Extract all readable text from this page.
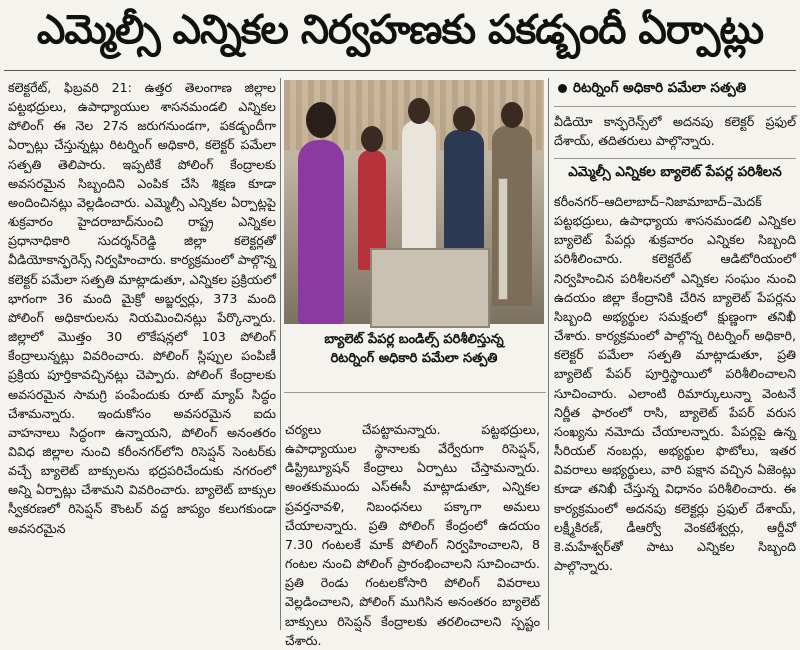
ఎమ్మెల్సీ ఎన్నికల నిర్వహణకు పకడ్బందీ ఏర్పాట్లు

కలెక్టరేట్, ఫిబ్రవరి 21: ఉత్తర తెలంగాణ జిల్లాల పట్టభద్రులు, ఉపాధ్యాయుల శాసనమండలి ఎన్నికల పోలింగ్ ఈ నెల 27న జరుగనుండగా, పకడ్బందీగా ఏర్పాట్లు చేస్తున్నట్లు రిటర్నింగ్ అధికారి, కలెక్టర్ పమేలా సత్పతి తెలిపారు. ఇప్పటికే పోలింగ్ కేంద్రాలకు అవసరమైన సిబ్బందిని ఎంపిక చేసి శిక్షణ కూడా అందించినట్లు వెల్లడించారు. ఎమ్మెల్సీ ఎన్నికల ఏర్పాట్లపై శుక్రవారం హైదరాబాద్‌నుంచి రాష్ట్ర ఎన్నికల ప్రధానాధికారి సుదర్శన్‌రెడ్డి జిల్లా కలెక్టర్లతో వీడియోకాన్ఫరెన్స్ నిర్వహించారు. కార్యక్రమంలో పాల్గొన్న కలెక్టర్ పమేలా సత్పతి మాట్లాడుతూ, ఎన్నికల ప్రక్రియలో భాగంగా 36 మంది మైక్రో అబ్జర్వర్లు, 373 మంది పోలింగ్ అధికారులను నియమించినట్లు పేర్కొన్నారు. జిల్లాలో మొత్తం 30 లొకేషన్లలో 103 పోలింగ్ కేంద్రాలున్నట్లు వివరించారు. పోలింగ్ స్లిప్పుల పంపిణీ ప్రక్రియ పూర్తికావచ్చినట్లు చెప్పారు. పోలింగ్ కేంద్రాలకు అవసరమైన సామగ్రి పంపేందుకు రూట్ మ్యాప్ సిద్ధం చేశామన్నారు. ఇందుకోసం అవసరమైన ఐదు వాహనాలు సిద్ధంగా ఉన్నాయని, పోలింగ్ అనంతరం వివిధ జిల్లాల నుంచి కరీంనగర్‌లోని రిసెప్షన్ సెంటర్‌కు వచ్చే బ్యాలెట్ బాక్సులను భద్రపరిచేందుకు నగరంలో అన్ని ఏర్పాట్లు చేశామని వివరించారు. బ్యాలెట్ బాక్సుల స్వీకరణలో రిసెప్షన్ కౌంటర్ వద్ద జాప్యం కలుగకుండా అవసరమైన

బ్యాలెట్ పేపర్ల బండిల్స్ పరిశీలిస్తున్న
రిటర్నింగ్ అధికారి పమేలా సత్పతి

చర్యలు చేపట్టామన్నారు. పట్టభద్రులు, ఉపాధ్యాయుల స్థానాలకు వేర్వేరుగా రిసెప్షన్, డిస్ట్రిబ్యూషన్ కేంద్రాలు ఏర్పాటు చేస్తామన్నారు. అంతకుముందు ఎస్ఈసీ మాట్లాడుతూ, ఎన్నికల ప్రవర్తనావళి, నిబంధనలు పక్కాగా అమలు చేయాలన్నారు. ప్రతి పోలింగ్ కేంద్రంలో ఉదయం 7.30 గంటలకే మాక్ పోలింగ్ నిర్వహించాలని, 8 గంటల నుంచి పోలింగ్ ప్రారంభించాలని సూచించారు. ప్రతి రెండు గంటలకోసారి పోలింగ్ వివరాలు వెల్లడించాలని, పోలింగ్ ముగిసిన అనంతరం బ్యాలెట్ బాక్సులు రిసెప్షన్ కేంద్రాలకు తరలించాలని స్పష్టం చేశారు.

రిటర్నింగ్ అధికారి పమేలా సత్పతి

వీడియో కాన్ఫరెన్స్‌లో అదనపు కలెక్టర్ ప్రఫుల్ దేశాయ్, తదితరులు పాల్గొన్నారు.

ఎమ్మెల్సీ ఎన్నికల బ్యాలెట్ పేపర్ల పరిశీలన

కరీంనగర్–ఆదిలాబాద్–నిజామాబాద్–మెదక్ పట్టభద్రులు, ఉపాధ్యాయ శాసనమండలి ఎన్నికల బ్యాలెట్ పేపర్లు శుక్రవారం ఎన్నికల సిబ్బంది పరిశీలించారు. కలెక్టరేట్ ఆడిటోరియంలో నిర్వహించిన పరిశీలనలో ఎన్నికల సంఘం నుంచి ఉదయం జిల్లా కేంద్రానికి చేరిన బ్యాలెట్ పేపర్లను సిబ్బంది అభ్యర్థుల సమక్షంలో క్షుణ్ణంగా తనిఖీ చేశారు. కార్యక్రమంలో పాల్గొన్న రిటర్నింగ్ అధికారి, కలెక్టర్ పమేలా సత్పతి మాట్లాడుతూ, ప్రతి బ్యాలెట్ పేపర్ పూర్తిస్థాయిలో పరిశీలించాలని సూచించారు. ఎలాంటి రిమార్కులున్నా వెంటనే నిర్ణీత ఫారంలో రాసి, బ్యాలెట్ పేపర్ వరుస సంఖ్యను నమోదు చేయాలన్నారు. పేపర్లపై ఉన్న సీరియల్ నంబర్లు, అభ్యర్థుల ఫొటోలు, ఇతర వివరాలు అభ్యర్థులు, వారి పక్షాన వచ్చిన ఏజెంట్లు కూడా తనిఖీ చేస్తున్న విధానం పరిశీలించారు. ఈ కార్యక్రమంలో అదనపు కలెక్టర్లు ప్రఫుల్ దేశాయ్, లక్ష్మీకిరణ్, డీఆర్వో వెంకటేశ్వర్లు, ఆర్డీవో కె.మహేశ్వర్‌తో పాటు ఎన్నికల సిబ్బంది పాల్గొన్నారు.
